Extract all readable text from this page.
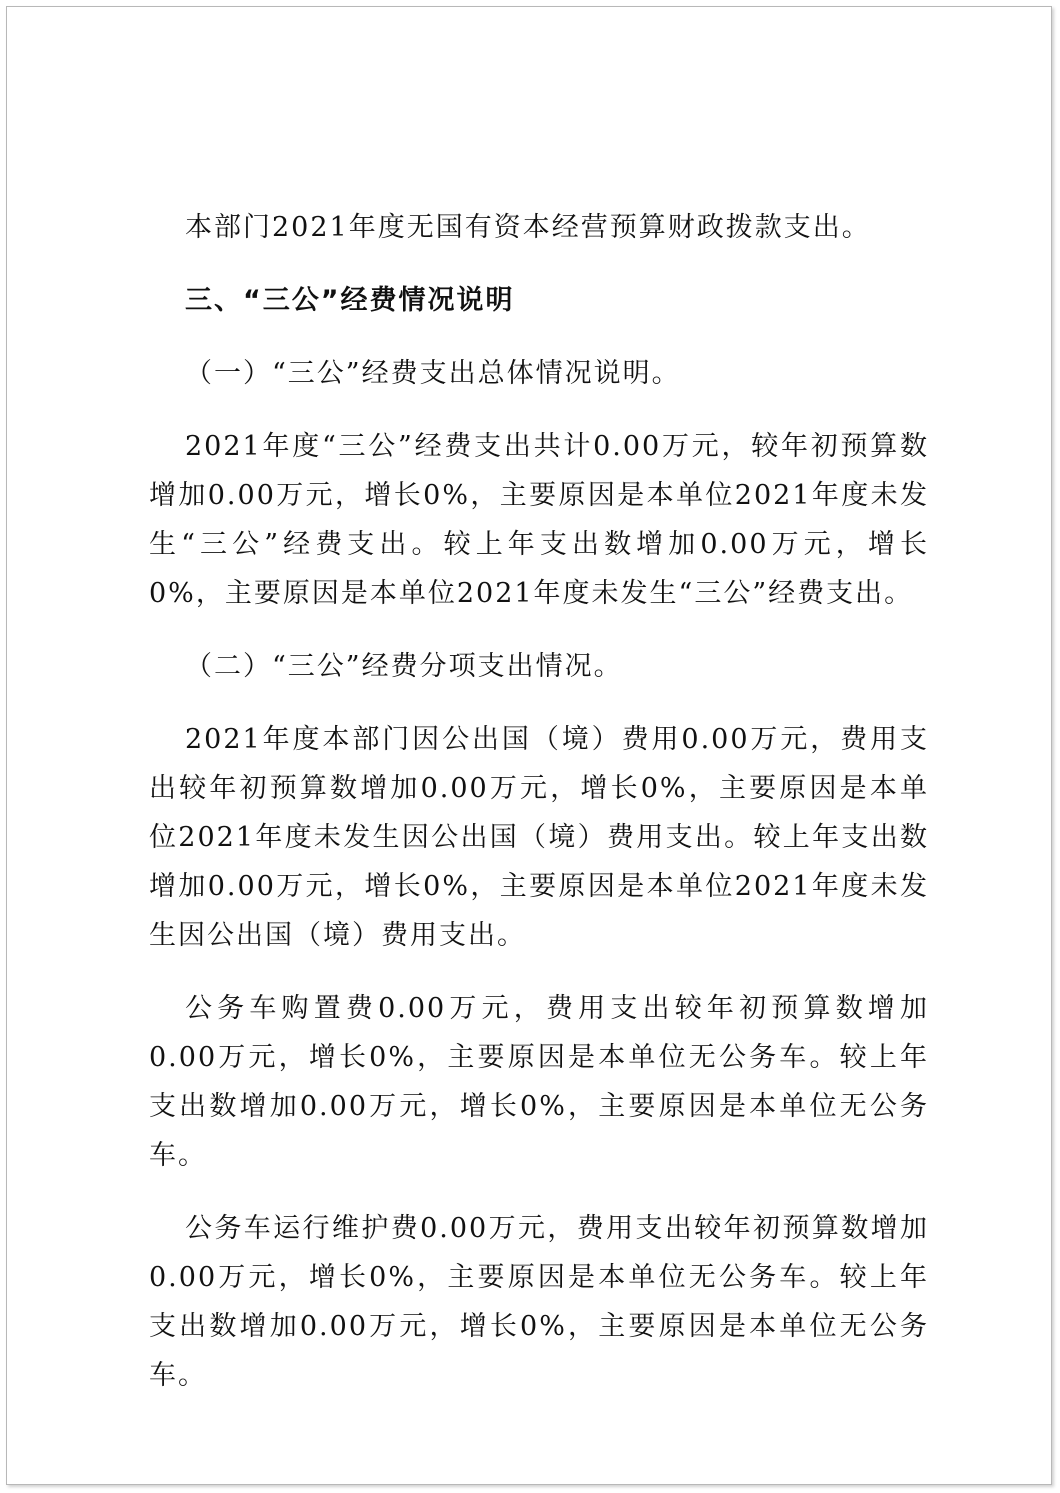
本部门2021年度无国有资本经营预算财政拨款支出。

三、“三公”经费情况说明

（一）“三公”经费支出总体情况说明。

2021年度“三公”经费支出共计0.00万元，较年初预算数增加0.00万元，增长0%，主要原因是本单位2021年度未发生“三公”经费支出。较上年支出数增加0.00万元，增长0%，主要原因是本单位2021年度未发生“三公”经费支出。

（二）“三公”经费分项支出情况。

2021年度本部门因公出国（境）费用0.00万元，费用支出较年初预算数增加0.00万元，增长0%，主要原因是本单位2021年度未发生因公出国（境）费用支出。较上年支出数增加0.00万元，增长0%，主要原因是本单位2021年度未发生因公出国（境）费用支出。

公务车购置费0.00万元，费用支出较年初预算数增加0.00万元，增长0%，主要原因是本单位无公务车。较上年支出数增加0.00万元，增长0%，主要原因是本单位无公务车。

公务车运行维护费0.00万元，费用支出较年初预算数增加0.00万元，增长0%，主要原因是本单位无公务车。较上年支出数增加0.00万元，增长0%，主要原因是本单位无公务车。
